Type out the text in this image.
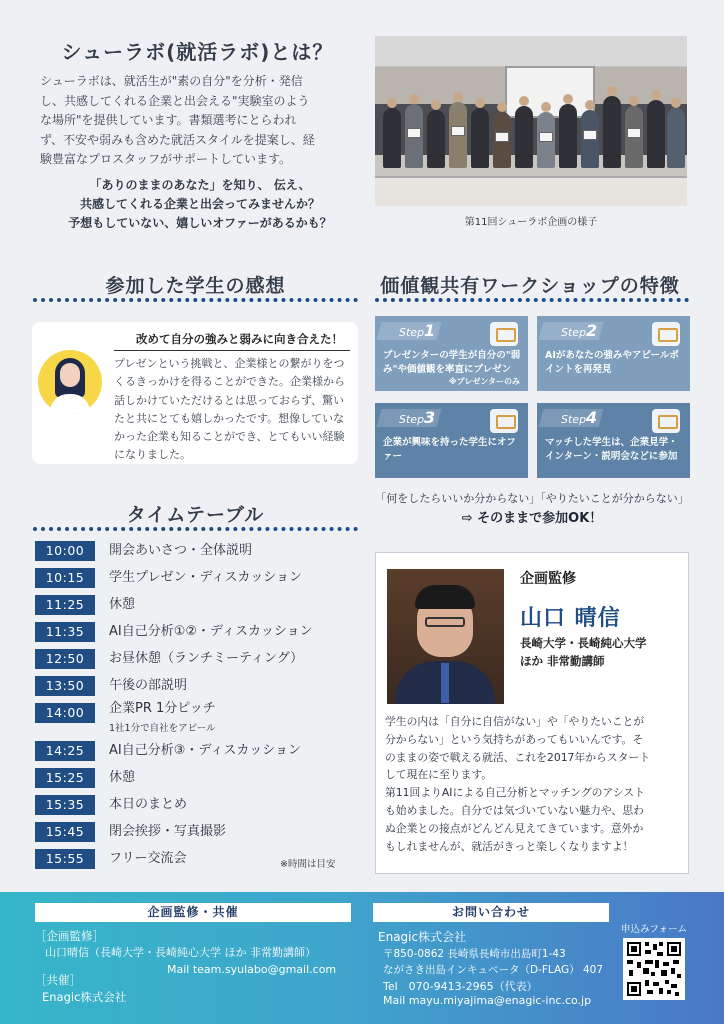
シューラボ(就活ラボ)とは？
シューラボは、就活生が"素の自分"を分析・発信
し、共感してくれる企業と出会える"実験室のよう
な場所"を提供しています。書類選考にとらわれ
ず、不安や弱みも含めた就活スタイルを提案し、経
験豊富なプロスタッフがサポートしています。
「ありのままのあなた」を知り、 伝え、
共感してくれる企業と出会ってみませんか？
予想もしていない、嬉しいオファーがあるかも？	第11回シューラボ企画の様子
参加した学生の感想
改めて自分の強みと弱みに向き合えた！
プレゼンという挑戦と、企業様との繋がりをつ
くるきっかけを得ることができた。企業様から
話しかけていただけるとは思っておらず、驚い
たと共にとても嬉しかったです。想像していな
かった企業も知ることができ、とてもいい経験
になりました。
価値観共有ワークショップの特徴
Step1
プレゼンターの学生が自分の"弱み"や価値観を率直にプレゼン
※プレゼンターのみ
Step2
AIがあなたの強みやアピールポイントを再発見
Step3
企業が興味を持った学生にオファー
Step4
マッチした学生は、企業見学・インターン・説明会などに参加
「何をしたらいいか分からない」「やりたいことが分からない」
⇨ そのままで参加OK！
タイムテーブル
10:00	開会あいさつ・全体説明
10:15	学生プレゼン・ディスカッション
11:25	休憩
11:35	AI自己分析①②・ディスカッション
12:50	お昼休憩（ランチミーティング）
13:50	午後の部説明
14:00	企業PR 1分ピッチ
1社1分で自社をアピール
14:25	AI自己分析③・ディスカッション
15:25	休憩
15:35	本日のまとめ
15:45	閉会挨拶・写真撮影
15:55	フリー交流会	※時間は目安
企画監修
山口 晴信
長崎大学・長崎純心大学
ほか 非常勤講師
学生の内は「自分に自信がない」や「やりたいことが
分からない」という気持ちがあってもいいんです。そ
のままの姿で戦える就活、これを2017年からスタート
して現在に至ります。
第11回よりAIによる自己分析とマッチングのアシスト
も始めました。自分では気づいていない魅力や、思わ
ぬ企業との接点がどんどん見えてきています。意外か
もしれませんが、就活がきっと楽しくなりますよ！
企画監修・共催	お問い合わせ
申込みフォーム
［企画監修］
山口晴信（長崎大学・長崎純心大学 ほか 非常勤講師）
Mail team.syulabo@gmail.com
［共催］
Enagic株式会社
Enagic株式会社
〒850-0862 長崎県長崎市出島町1-43
ながさき出島インキュベータ（D-FLAG） 407
Tel　070-9413-2965（代表）
Mail mayu.miyajima@enagic-inc.co.jp
